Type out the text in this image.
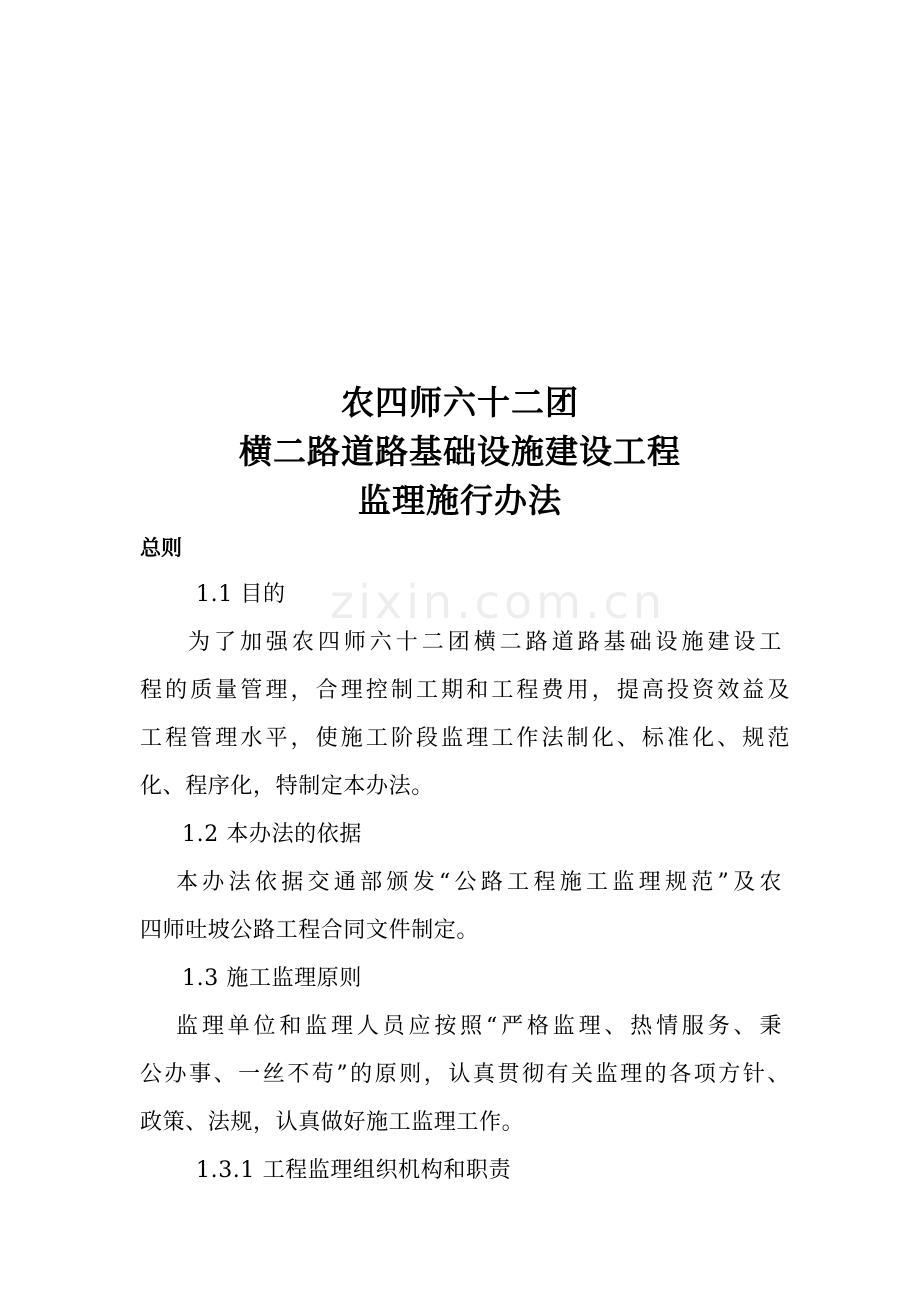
zixin.com.cn
农四师六十二团
横二路道路基础设施建设工程
监理施行办法
总则
1.1 目的
为了加强农四师六十二团横二路道路基础设施建设工
程的质量管理，合理控制工期和工程费用，提高投资效益及
工程管理水平，使施工阶段监理工作法制化、标准化、规范
化、程序化，特制定本办法。
1.2 本办法的依据
本办法依据交通部颁发“公路工程施工监理规范”及农
四师吐坡公路工程合同文件制定。
1.3 施工监理原则
监理单位和监理人员应按照“严格监理、热情服务、秉
公办事、一丝不苟”的原则，认真贯彻有关监理的各项方针、
政策、法规，认真做好施工监理工作。
1.3.1 工程监理组织机构和职责
